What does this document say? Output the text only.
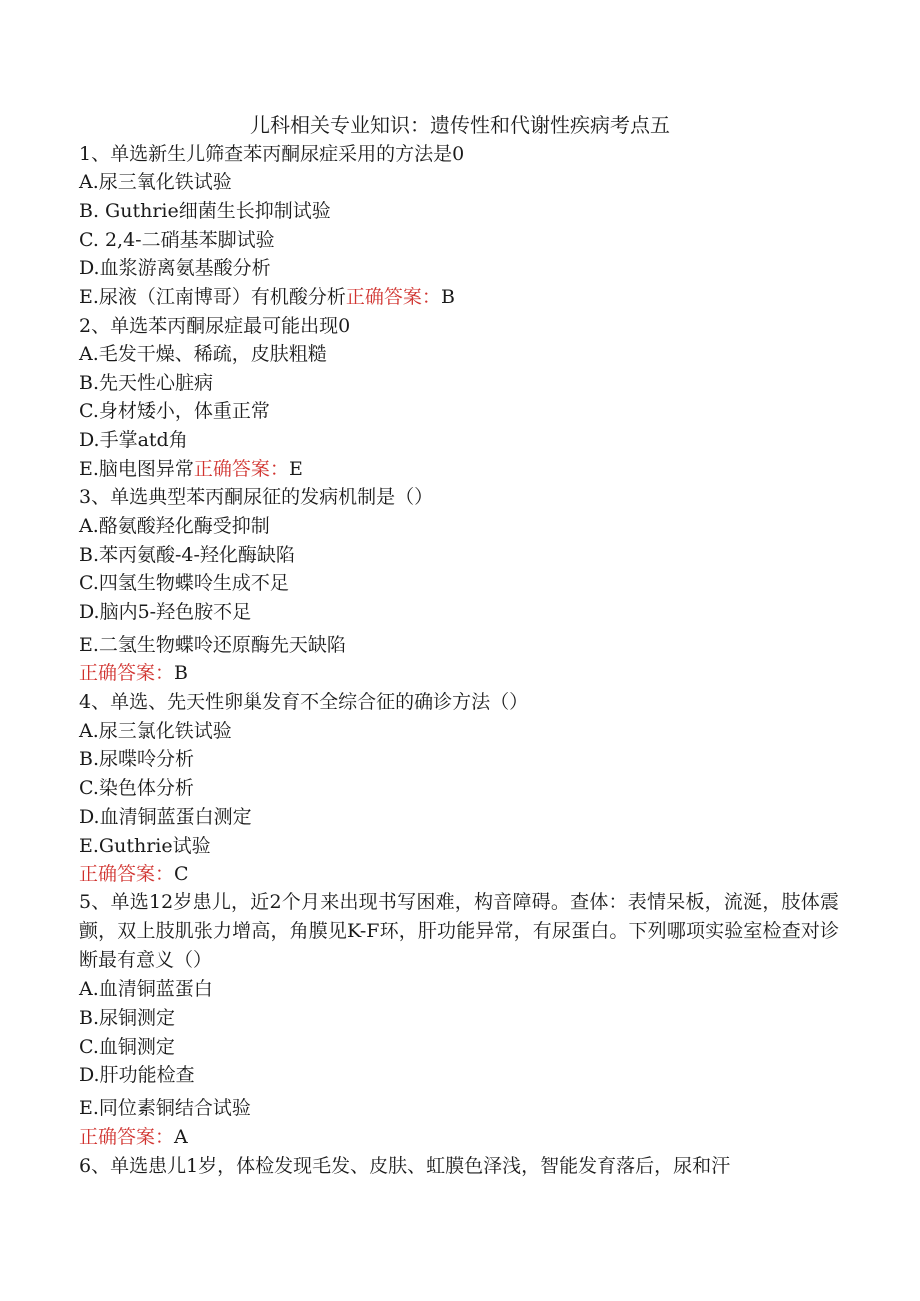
儿科相关专业知识：遗传性和代谢性疾病考点五
1、单选新生儿筛查苯丙酮尿症采用的方法是0
A.尿三氧化铁试验
B. Guthrie细菌生长抑制试验
C. 2,4-二硝基苯脚试验
D.血浆游离氨基酸分析
E.尿液（江南博哥）有机酸分析正确答案：B
2、单选苯丙酮尿症最可能出现0
A.毛发干燥、稀疏，皮肤粗糙
B.先天性心脏病
C.身材矮小，体重正常
D.手掌atd角
E.脑电图异常正确答案：E
3、单选典型苯丙酮尿征的发病机制是（）
A.酪氨酸羟化酶受抑制
B.苯丙氨酸-4-羟化酶缺陷
C.四氢生物蝶呤生成不足
D.脑内5-羟色胺不足
E.二氢生物蝶呤还原酶先天缺陷
正确答案：B
4、单选、先天性卵巢发育不全综合征的确诊方法（）
A.尿三氯化铁试验
B.尿喋呤分析
C.染色体分析
D.血清铜蓝蛋白测定
E.Guthrie试验
正确答案：C
5、单选12岁患儿，近2个月来出现书写困难，构音障碍。查体：表情呆板，流涎，肢体震颤，双上肢肌张力增高，角膜见K-F环，肝功能异常，有尿蛋白。下列哪项实验室检查对诊断最有意义（）
A.血清铜蓝蛋白
B.尿铜测定
C.血铜测定
D.肝功能检查
E.同位素铜结合试验
正确答案：A
6、单选患儿1岁，体检发现毛发、皮肤、虹膜色泽浅，智能发育落后，尿和汗
